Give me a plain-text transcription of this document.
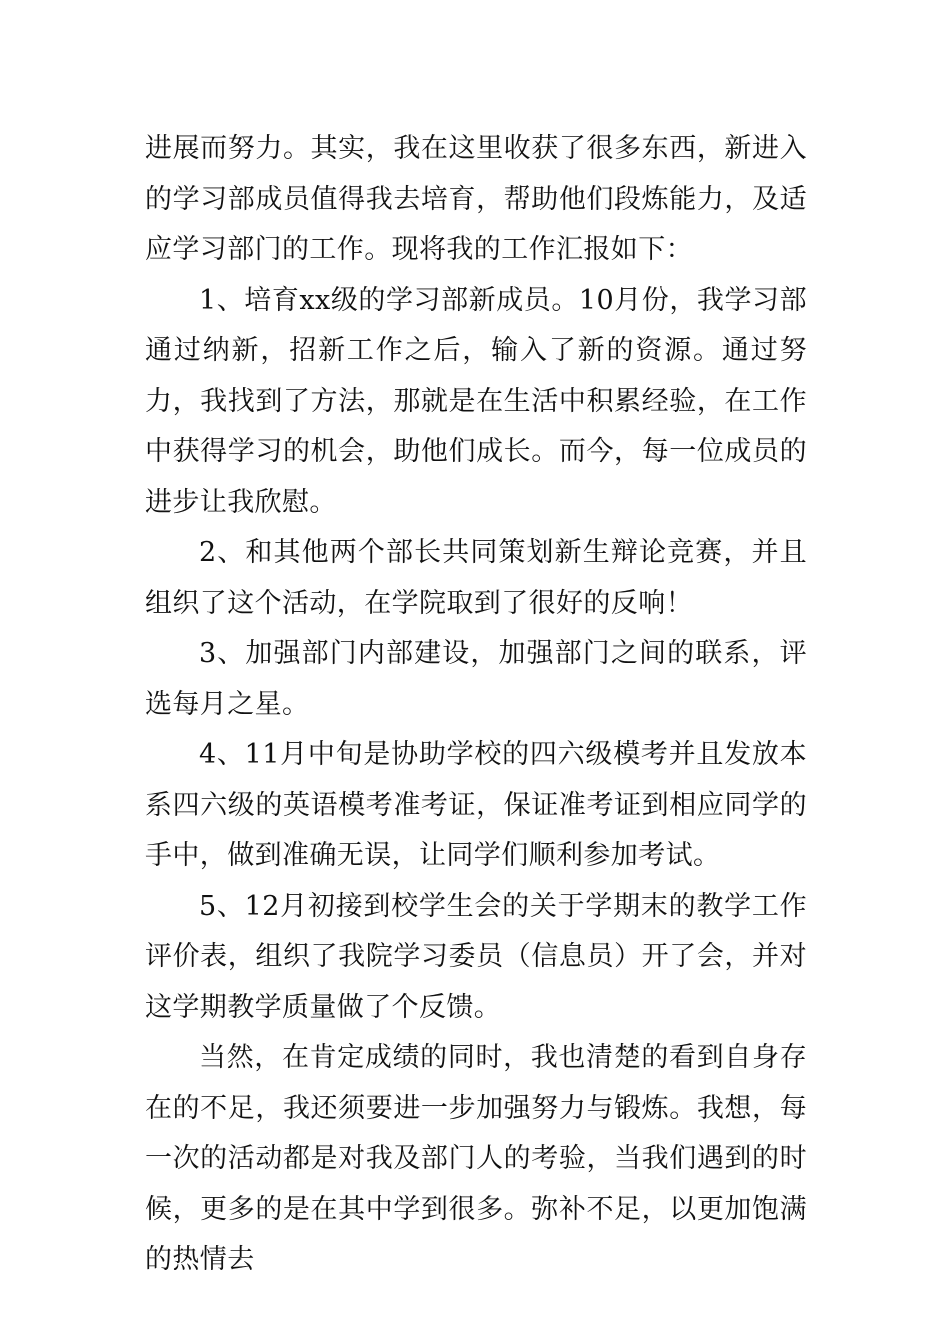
进展而努力。其实，我在这里收获了很多东西，新进入的学习部成员值得我去培育，帮助他们段炼能力，及适应学习部门的工作。现将我的工作汇报如下：

1、培育xx级的学习部新成员。10月份，我学习部通过纳新，招新工作之后，输入了新的资源。通过努力，我找到了方法，那就是在生活中积累经验，在工作中获得学习的机会，助他们成长。而今，每一位成员的进步让我欣慰。

2、和其他两个部长共同策划新生辩论竞赛，并且组织了这个活动，在学院取到了很好的反响！

3、加强部门内部建设，加强部门之间的联系，评选每月之星。

4、11月中旬是协助学校的四六级模考并且发放本系四六级的英语模考准考证，保证准考证到相应同学的手中，做到准确无误，让同学们顺利参加考试。

5、12月初接到校学生会的关于学期末的教学工作评价表，组织了我院学习委员（信息员）开了会，并对这学期教学质量做了个反馈。

当然，在肯定成绩的同时，我也清楚的看到自身存在的不足，我还须要进一步加强努力与锻炼。我想，每一次的活动都是对我及部门人的考验，当我们遇到的时候，更多的是在其中学到很多。弥补不足，以更加饱满的热情去
